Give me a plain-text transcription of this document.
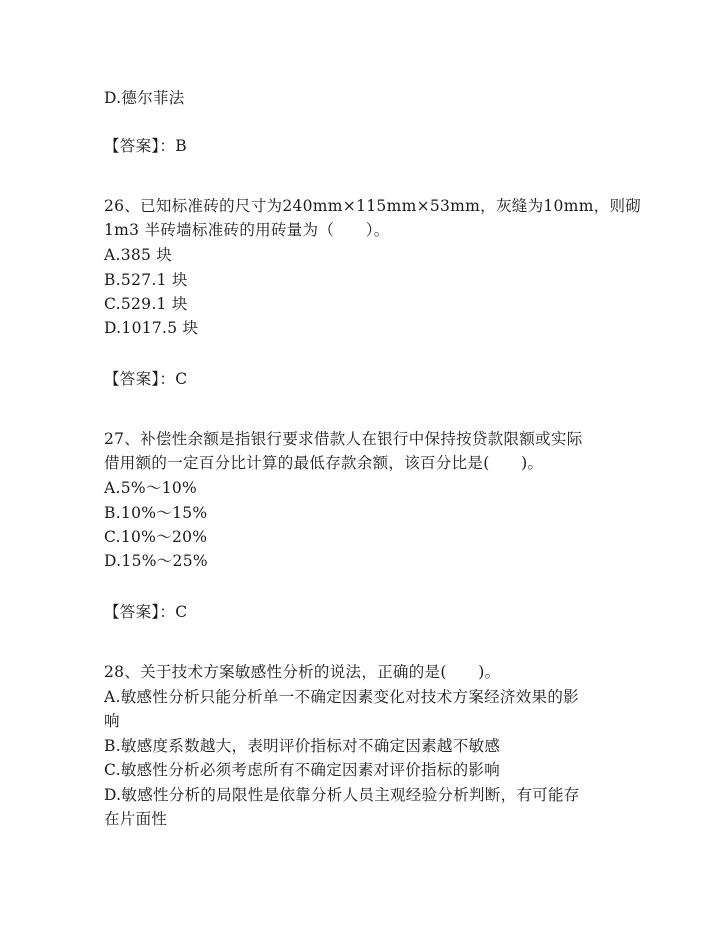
D.德尔菲法
【答案】：B
26、已知标准砖的尺寸为240mm×115mm×53mm，灰缝为10mm，则砌
1m3 半砖墙标准砖的用砖量为（　　）。
A.385 块
B.527.1 块
C.529.1 块
D.1017.5 块
【答案】：C
27、补偿性余额是指银行要求借款人在银行中保持按贷款限额或实际
借用额的一定百分比计算的最低存款余额，该百分比是(　　)。
A.5%～10%
B.10%～15%
C.10%～20%
D.15%～25%
【答案】：C
28、关于技术方案敏感性分析的说法，正确的是(　　)。
A.敏感性分析只能分析单一不确定因素变化对技术方案经济效果的影
响
B.敏感度系数越大，表明评价指标对不确定因素越不敏感
C.敏感性分析必须考虑所有不确定因素对评价指标的影响
D.敏感性分析的局限性是依靠分析人员主观经验分析判断，有可能存
在片面性
